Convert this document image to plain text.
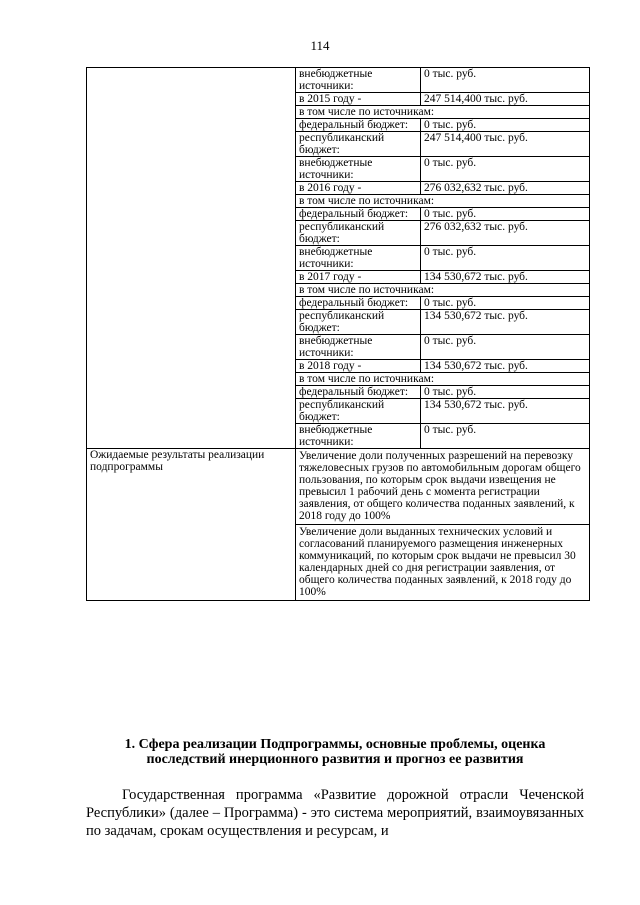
114
	внебюджетные источники:	0 тыс. руб.
	в 2015 году -	247 514,400 тыс. руб.
	в том числе по источникам:	
	федеральный бюджет:	0 тыс. руб.
	республиканский бюджет:	247 514,400 тыс. руб.
	внебюджетные источники:	0 тыс. руб.
	в 2016 году -	276 032,632 тыс. руб.
	в том числе по источникам:	
	федеральный бюджет:	0 тыс. руб.
	республиканский бюджет:	276 032,632 тыс. руб.
	внебюджетные источники:	0 тыс. руб.
	в 2017 году -	134 530,672 тыс. руб.
	в том числе по источникам:	
	федеральный бюджет:	0 тыс. руб.
	республиканский бюджет:	134 530,672 тыс. руб.
	внебюджетные источники:	0 тыс. руб.
	в 2018 году -	134 530,672 тыс. руб.
	в том числе по источникам:	
	федеральный бюджет:	0 тыс. руб.
	республиканский бюджет:	134 530,672 тыс. руб.
	внебюджетные источники:	0 тыс. руб.
Ожидаемые результаты реализации подпрограммы	Увеличение доли полученных разрешений на перевозку тяжеловесных грузов по автомобильным дорогам общего пользования, по которым срок выдачи извещения не превысил 1 рабочий день с момента регистрации заявления, от общего количества поданных заявлений, к 2018 году до 100%	

	Увеличение доли выданных технических условий и согласований планируемого размещения инженерных коммуникаций, по которым срок выдачи не превысил 30 календарных дней со дня регистрации заявления, от общего количества поданных заявлений, к 2018 году до 100%	
1. Сфера реализации Подпрограммы, основные проблемы, оценка последствий инерционного развития и прогноз ее развития
Государственная программа «Развитие дорожной отрасли Чеченской Республики» (далее – Программа) - это система мероприятий, взаимоувязанных по задачам, срокам осуществления и ресурсам, и
